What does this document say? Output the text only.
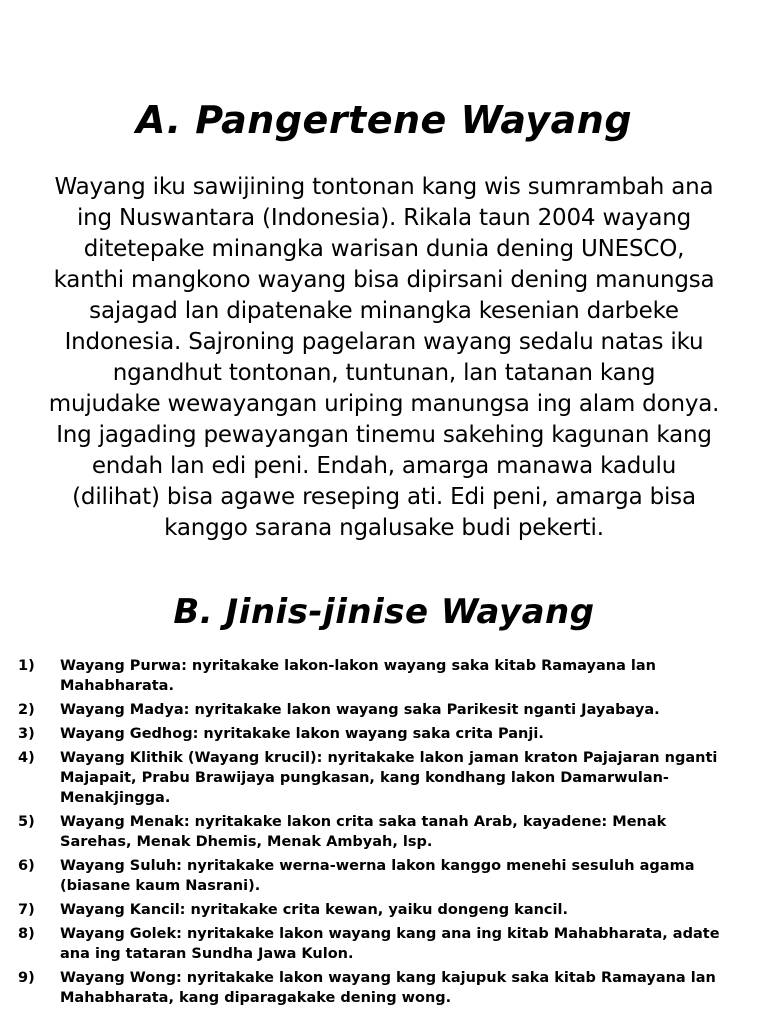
A. Pangertene Wayang
Wayang iku sawijining tontonan kang wis sumrambah ana
ing Nuswantara (Indonesia). Rikala taun 2004 wayang
ditetepake minangka warisan dunia dening UNESCO,
kanthi mangkono wayang bisa dipirsani dening manungsa
sajagad lan dipatenake minangka kesenian darbeke
Indonesia. Sajroning pagelaran wayang sedalu natas iku
ngandhut tontonan, tuntunan, lan tatanan kang
mujudake wewayangan uriping manungsa ing alam donya.
Ing jagading pewayangan tinemu sakehing kagunan kang
endah lan edi peni. Endah, amarga manawa kadulu
(dilihat) bisa agawe reseping ati. Edi peni, amarga bisa
kanggo sarana ngalusake budi pekerti.
B. Jinis-jinise Wayang
1)	Wayang Purwa: nyritakake lakon-lakon wayang saka kitab Ramayana lan Mahabharata.
2)	Wayang Madya: nyritakake lakon wayang saka Parikesit nganti Jayabaya.
3)	Wayang Gedhog: nyritakake lakon wayang saka crita Panji.
4)	Wayang Klithik (Wayang krucil): nyritakake lakon jaman kraton Pajajaran nganti Majapait, Prabu Brawijaya pungkasan, kang kondhang lakon Damarwulan-Menakjingga.
5)	Wayang Menak: nyritakake lakon crita saka tanah Arab, kayadene: Menak Sarehas, Menak Dhemis, Menak Ambyah, lsp.
6)	Wayang Suluh: nyritakake werna-werna lakon kanggo menehi sesuluh agama (biasane kaum Nasrani).
7)	Wayang Kancil: nyritakake crita kewan, yaiku dongeng kancil.
8)	Wayang Golek: nyritakake lakon wayang kang ana ing kitab Mahabharata, adate ana ing tataran Sundha Jawa Kulon.
9)	Wayang Wong: nyritakake lakon wayang kang kajupuk saka kitab Ramayana lan Mahabharata, kang diparagakake dening wong.
